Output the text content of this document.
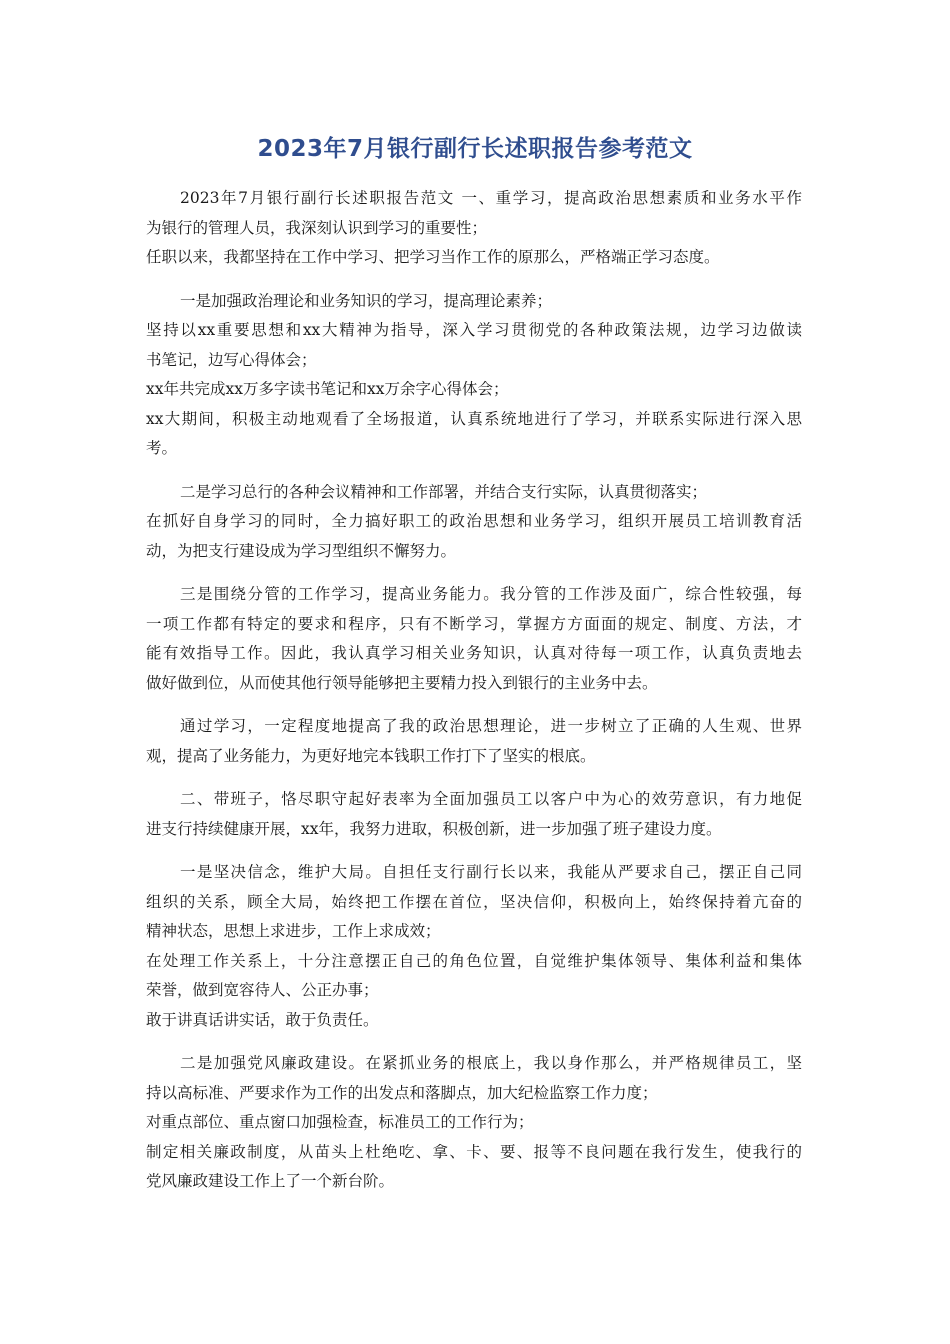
2023年7月银行副行长述职报告参考范文
2023年7月银行副行长述职报告范文 一、重学习，提高政治思想素质和业务水平作
为银行的管理人员，我深刻认识到学习的重要性；
任职以来，我都坚持在工作中学习、把学习当作工作的原那么，严格端正学习态度。
一是加强政治理论和业务知识的学习，提高理论素养；
坚持以xx重要思想和xx大精神为指导，深入学习贯彻党的各种政策法规，边学习边做读
书笔记，边写心得体会；
xx年共完成xx万多字读书笔记和xx万余字心得体会；
xx大期间，积极主动地观看了全场报道，认真系统地进行了学习，并联系实际进行深入思
考。
二是学习总行的各种会议精神和工作部署，并结合支行实际，认真贯彻落实；
在抓好自身学习的同时，全力搞好职工的政治思想和业务学习，组织开展员工培训教育活
动，为把支行建设成为学习型组织不懈努力。
三是围绕分管的工作学习，提高业务能力。我分管的工作涉及面广，综合性较强，每
一项工作都有特定的要求和程序，只有不断学习，掌握方方面面的规定、制度、方法，才
能有效指导工作。因此，我认真学习相关业务知识，认真对待每一项工作，认真负责地去
做好做到位，从而使其他行领导能够把主要精力投入到银行的主业务中去。
通过学习，一定程度地提高了我的政治思想理论，进一步树立了正确的人生观、世界
观，提高了业务能力，为更好地完本钱职工作打下了坚实的根底。
二、带班子，恪尽职守起好表率为全面加强员工以客户中为心的效劳意识，有力地促
进支行持续健康开展，xx年，我努力进取，积极创新，进一步加强了班子建设力度。
一是坚决信念，维护大局。自担任支行副行长以来，我能从严要求自己，摆正自己同
组织的关系，顾全大局，始终把工作摆在首位，坚决信仰，积极向上，始终保持着亢奋的
精神状态，思想上求进步，工作上求成效；
在处理工作关系上，十分注意摆正自己的角色位置，自觉维护集体领导、集体利益和集体
荣誉，做到宽容待人、公正办事；
敢于讲真话讲实话，敢于负责任。
二是加强党风廉政建设。在紧抓业务的根底上，我以身作那么，并严格规律员工，坚
持以高标准、严要求作为工作的出发点和落脚点，加大纪检监察工作力度；
对重点部位、重点窗口加强检查，标准员工的工作行为；
制定相关廉政制度，从苗头上杜绝吃、拿、卡、要、报等不良问题在我行发生，使我行的
党风廉政建设工作上了一个新台阶。
